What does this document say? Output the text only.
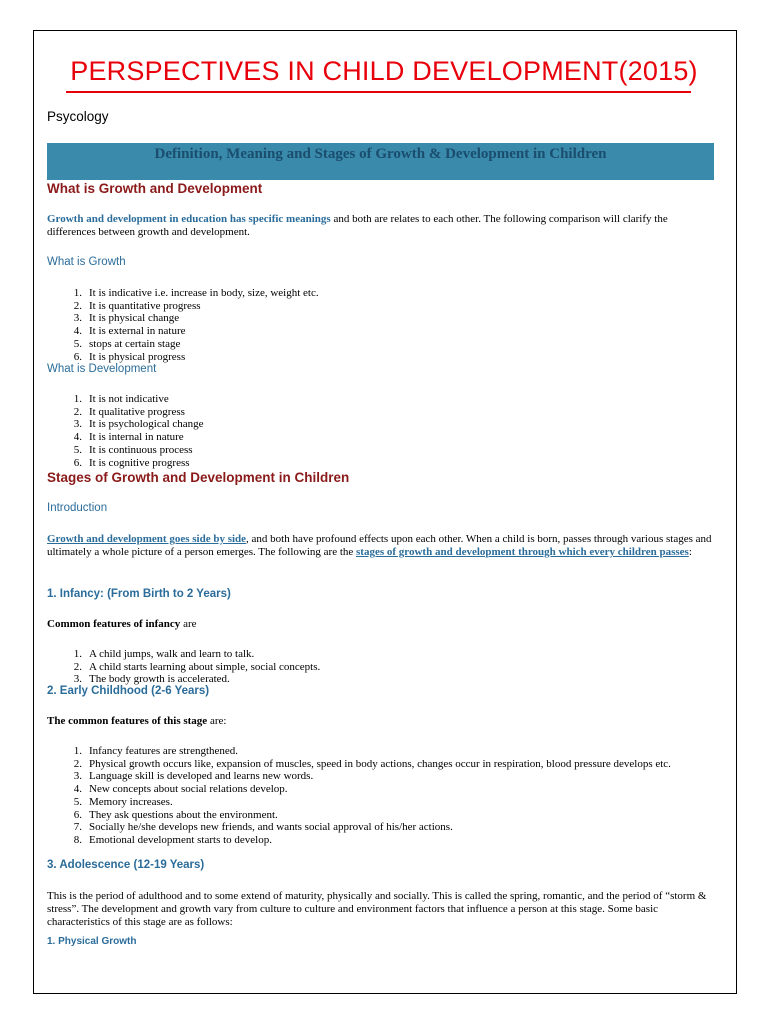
PERSPECTIVES IN CHILD DEVELOPMENT(2015)
Psycology
Definition, Meaning and Stages of Growth & Development in Children
What is Growth and Development
Growth and development in education has specific meanings and both are relates to each other. The following comparison will clarify the differences between growth and development.
What is Growth
1. It is indicative i.e. increase in body, size, weight etc.
2. It is quantitative progress
3. It is physical change
4. It is external in nature
5. stops at certain stage
6. It is physical progress
What is Development
1. It is not indicative
2. It qualitative progress
3. It is psychological change
4. It is internal in nature
5. It is continuous process
6. It is cognitive progress
Stages of Growth and Development in Children
Introduction
Growth and development goes side by side, and both have profound effects upon each other. When a child is born, passes through various stages and ultimately a whole picture of a person emerges. The following are the stages of growth and development through which every children passes:
1. Infancy: (From Birth to 2 Years)
Common features of infancy are
1. A child jumps, walk and learn to talk.
2. A child starts learning about simple, social concepts.
3. The body growth is accelerated.
2. Early Childhood (2-6 Years)
The common features of this stage are:
1. Infancy features are strengthened.
2. Physical growth occurs like, expansion of muscles, speed in body actions, changes occur in respiration, blood pressure develops etc.
3. Language skill is developed and learns new words.
4. New concepts about social relations develop.
5. Memory increases.
6. They ask questions about the environment.
7. Socially he/she develops new friends, and wants social approval of his/her actions.
8. Emotional development starts to develop.
3. Adolescence (12-19 Years)
This is the period of adulthood and to some extend of maturity, physically and socially. This is called the spring, romantic, and the period of “storm & stress”. The development and growth vary from culture to culture and environment factors that influence a person at this stage. Some basic characteristics of this stage are as follows:
1. Physical Growth
